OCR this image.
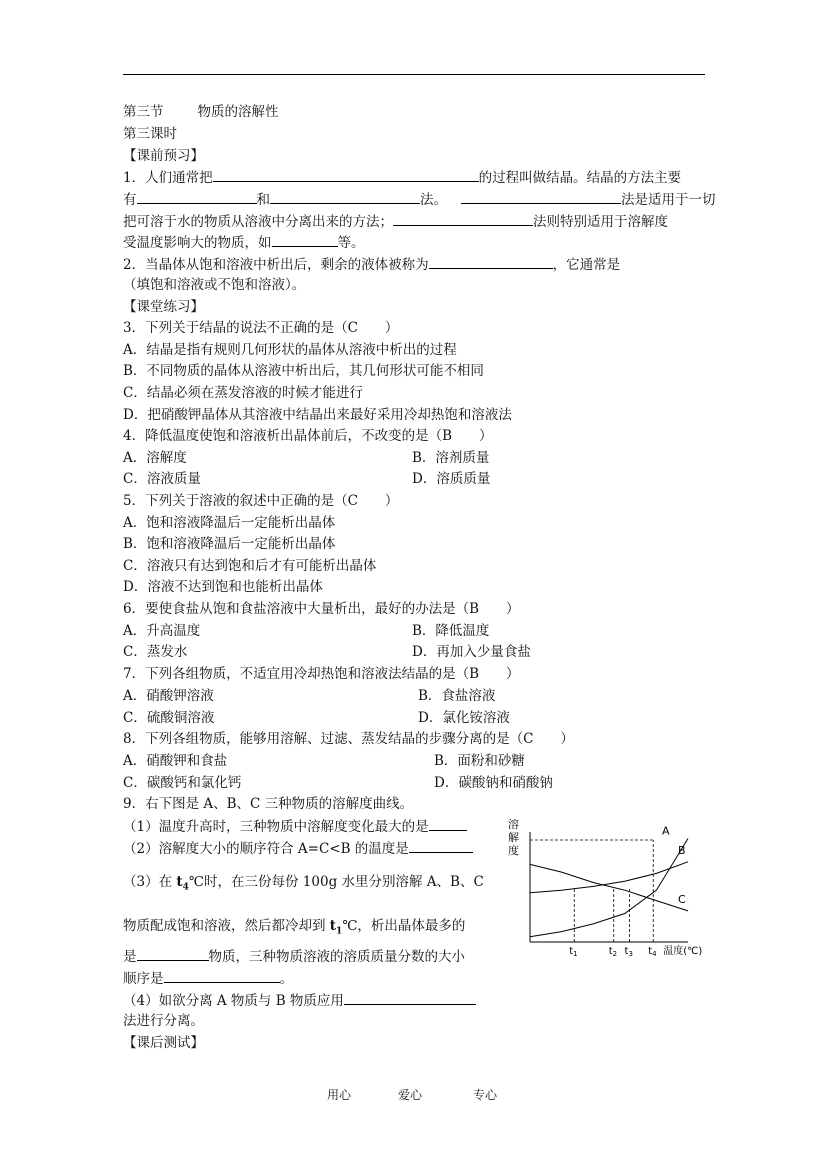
第三节	物质的溶解性
第三课时
【课前预习】
1．人们通常把	的过程叫做结晶。结晶的方法主要
有	和	法。	法是适用于一切
把可溶于水的物质从溶液中分离出来的方法；	法则特别适用于溶解度
受温度影响大的物质，如	等。
2．当晶体从饱和溶液中析出后，剩余的液体被称为	，它通常是
（填饱和溶液或不饱和溶液）。
【课堂练习】
3．下列关于结晶的说法不正确的是（C　　）
A．结晶是指有规则几何形状的晶体从溶液中析出的过程
B．不同物质的晶体从溶液中析出后，其几何形状可能不相同
C．结晶必须在蒸发溶液的时候才能进行
D．把硝酸钾晶体从其溶液中结晶出来最好采用冷却热饱和溶液法
4．降低温度使饱和溶液析出晶体前后，不改变的是（B　　）
A．溶解度	B．溶剂质量
C．溶液质量	D．溶质质量
5．下列关于溶液的叙述中正确的是（C　　）
A．饱和溶液降温后一定能析出晶体
B．饱和溶液降温后一定能析出晶体
C．溶液只有达到饱和后才有可能析出晶体
D．溶液不达到饱和也能析出晶体
6．要使食盐从饱和食盐溶液中大量析出，最好的办法是（B　　）
A．升高温度	B．降低温度
C．蒸发水	D．再加入少量食盐
7．下列各组物质，不适宜用冷却热饱和溶液法结晶的是（B　　）
A．硝酸钾溶液	B．食盐溶液
C．硫酸铜溶液	D．氯化铵溶液
8．下列各组物质，能够用溶解、过滤、蒸发结晶的步骤分离的是（C　　）
A．硝酸钾和食盐	B．面粉和砂糖
C．碳酸钙和氯化钙	D．碳酸钠和硝酸钠
9．右下图是 A、B、C 三种物质的溶解度曲线。
（1）温度升高时，三种物质中溶解度变化最大的是
（2）溶解度大小的顺序符合 A=C<B 的温度是
（3）在 $t_4℃$时，在三份每份 100g 水里分别溶解 A、B、C
物质配成饱和溶液，然后都冷却到 $t_1℃$，析出晶体最多的
是	物质，三种物质溶液的溶质质量分数的大小
顺序是	。
（4）如欲分离 A 物质与 B 物质应用
法进行分离。
【课后测试】
溶
解
度
A
B
C
$t_1$	$t_2$ $t_3$ $t_4$ 温度(℃)
用心	爱心	专心
